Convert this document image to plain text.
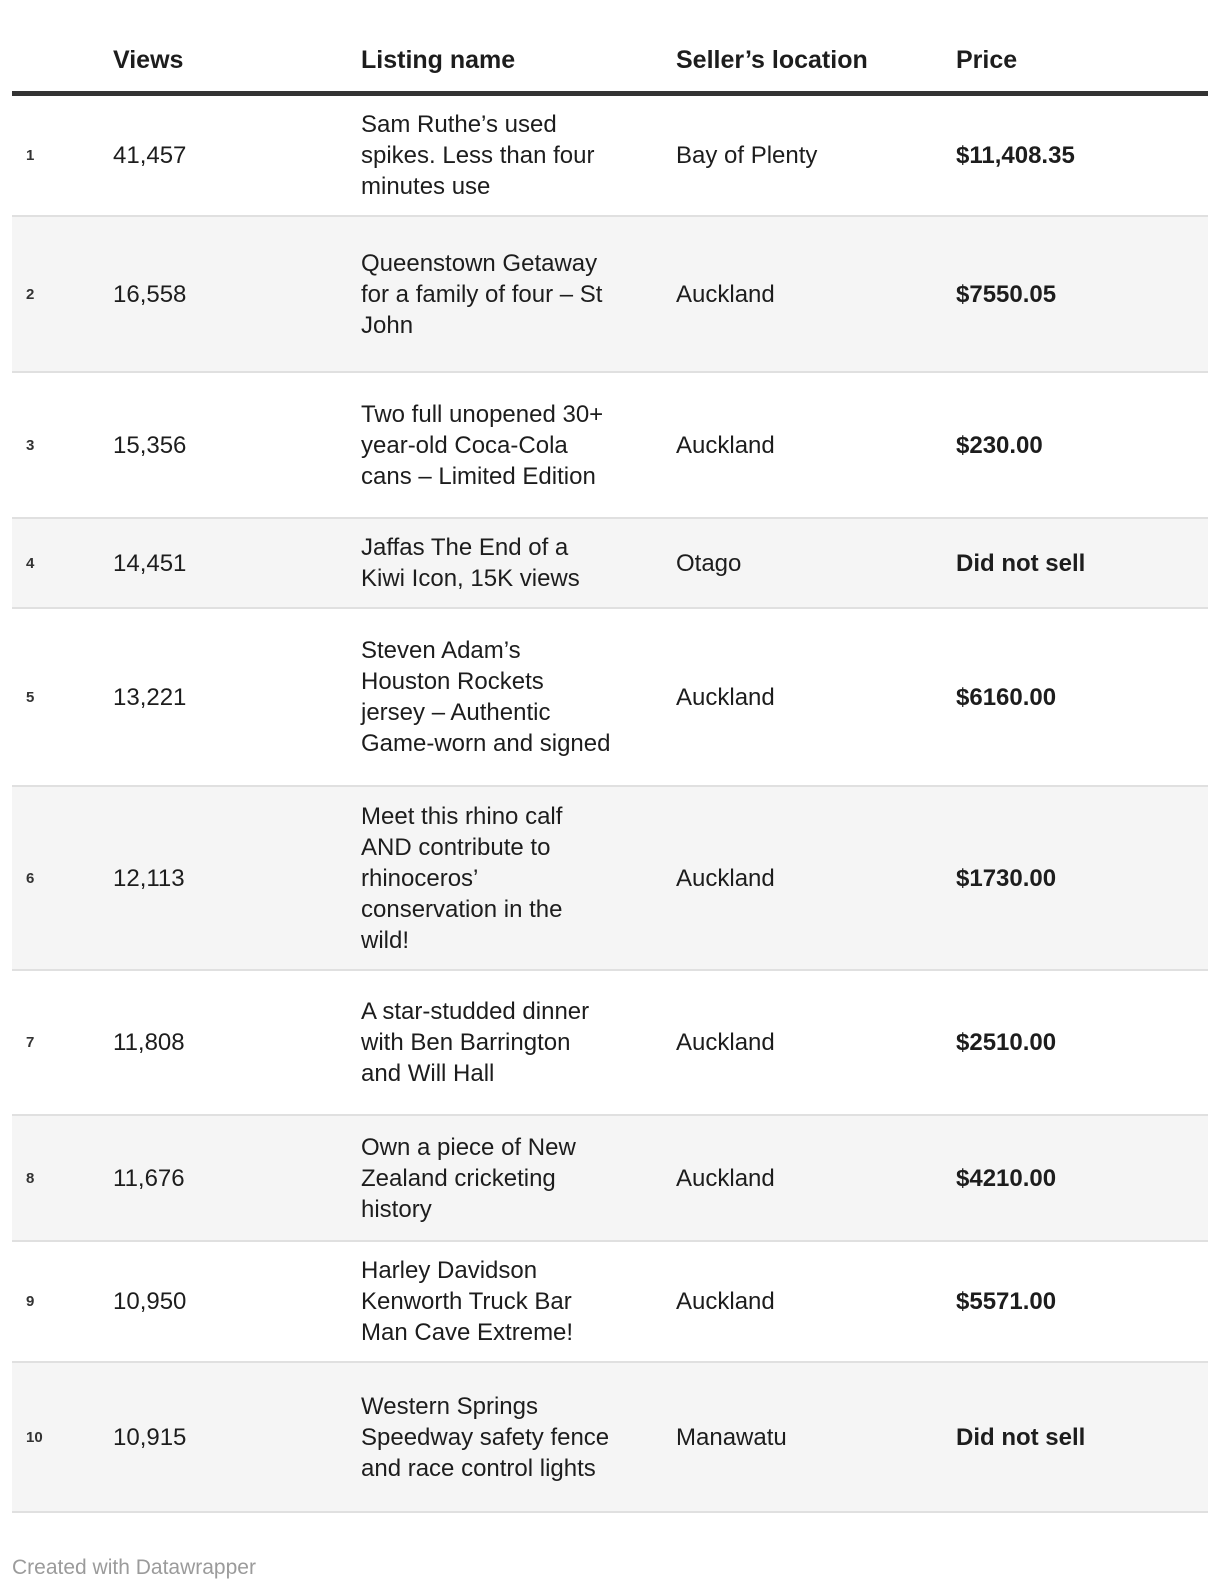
	Views	Listing name	Seller’s location	Price
1	41,457	Sam Ruthe’s used spikes. Less than four minutes use	Bay of Plenty	$11,408.35
2	16,558	Queenstown Getaway for a family of four – St John	Auckland	$7550.05
3	15,356	Two full unopened 30+ year-old Coca-Cola cans – Limited Edition	Auckland	$230.00
4	14,451	Jaffas The End of a Kiwi Icon, 15K views	Otago	Did not sell
5	13,221	Steven Adam’s Houston Rockets jersey – Authentic Game-worn and signed	Auckland	$6160.00
6	12,113	Meet this rhino calf AND contribute to rhinoceros’ conservation in the wild!	Auckland	$1730.00
7	11,808	A star-studded dinner with Ben Barrington and Will Hall	Auckland	$2510.00
8	11,676	Own a piece of New Zealand cricketing history	Auckland	$4210.00
9	10,950	Harley Davidson Kenworth Truck Bar Man Cave Extreme!	Auckland	$5571.00
10	10,915	Western Springs Speedway safety fence and race control lights	Manawatu	Did not sell
Created with Datawrapper
